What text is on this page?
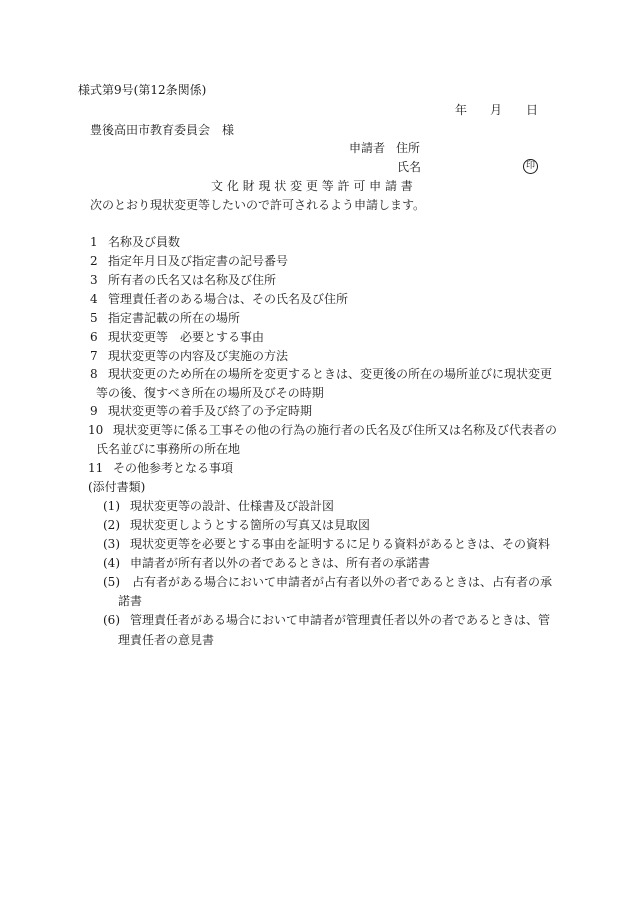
様式第9号(第12条関係)
年 月 日
豊後高田市教育委員会　様
申請者 住所
氏名	印
文 化 財 現 状 変 更 等 許 可 申 請 書
次のとおり現状変更等したいので許可されるよう申請します。
1 名称及び員数
2 指定年月日及び指定書の記号番号
3 所有者の氏名又は名称及び住所
4 管理責任者のある場合は、その氏名及び住所
5 指定書記載の所在の場所
6 現状変更等　必要とする事由
7 現状変更等の内容及び実施の方法
8 現状変更のため所在の場所を変更するときは、変更後の所在の場所並びに現状変更
等の後、復すべき所在の場所及びその時期
9 現状変更等の着手及び終了の予定時期
10 現状変更等に係る工事その他の行為の施行者の氏名及び住所又は名称及び代表者の
氏名並びに事務所の所在地
11 その他参考となる事項
(添付書類)
(1) 現状変更等の設計、仕様書及び設計図
(2) 現状変更しようとする箇所の写真又は見取図
(3) 現状変更等を必要とする事由を証明するに足りる資料があるときは、その資料
(4) 申請者が所有者以外の者であるときは、所有者の承諾書
(5) 占有者がある場合において申請者が占有者以外の者であるときは、占有者の承
諾書
(6) 管理責任者がある場合において申請者が管理責任者以外の者であるときは、管
理責任者の意見書
